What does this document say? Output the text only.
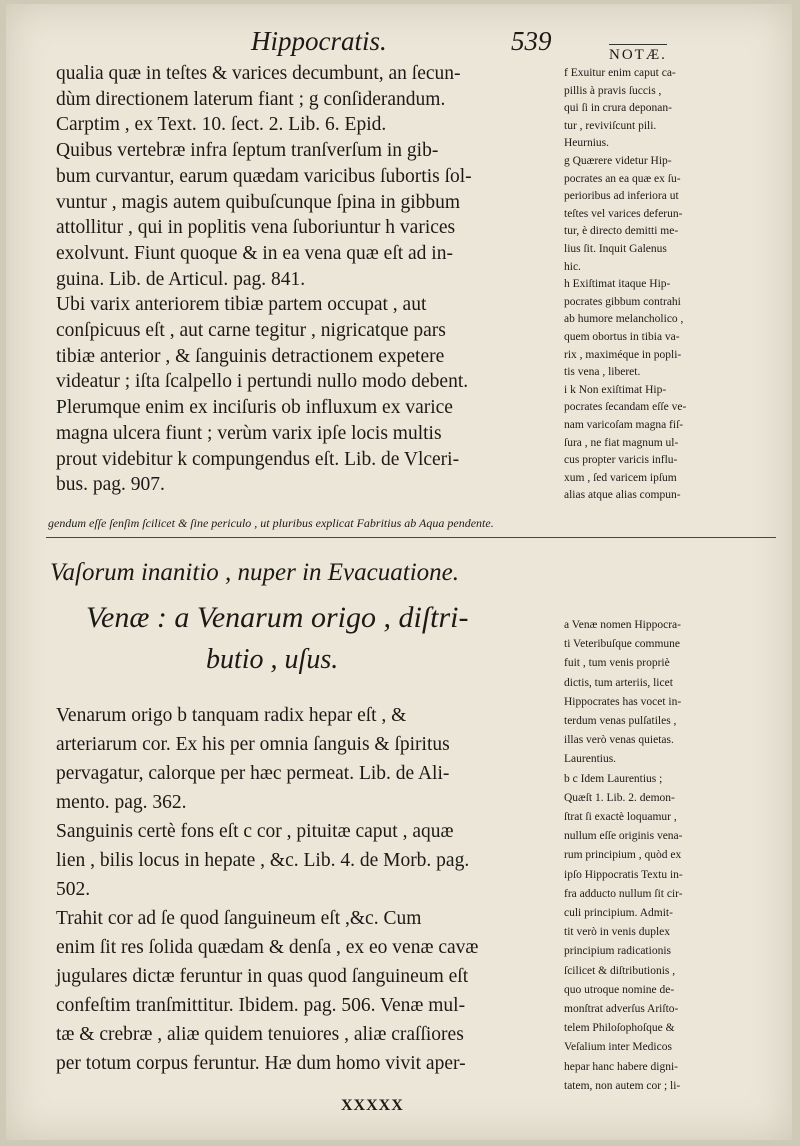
Hippocratis.	539	NOTÆ.
qualia quæ in teſtes & varices decumbunt, an ſecun-
dùm directionem laterum fiant ; g conſiderandum.
Carptim , ex Text. 10. ſect. 2. Lib. 6. Epid.
Quibus vertebræ infra ſeptum tranſverſum in gib-
bum curvantur, earum quædam varicibus ſubortis ſol-
vuntur , magis autem quibuſcunque ſpina in gibbum
attollitur , qui in poplitis vena ſuboriuntur h varices
exolvunt. Fiunt quoque & in ea vena quæ eſt ad in-
guina. Lib. de Articul. pag. 841.
Ubi varix anteriorem tibiæ partem occupat , aut
conſpicuus eſt , aut carne tegitur , nigricatque pars
tibiæ anterior , & ſanguinis detractionem expetere
videatur ; iſta ſcalpello i pertundi nullo modo debent.
Plerumque enim ex inciſuris ob influxum ex varice
magna ulcera fiunt ; verùm varix ipſe locis multis
prout videbitur k compungendus eſt. Lib. de Vlceri-
bus. pag. 907.
f Exuitur enim caput ca-
pillis à pravis ſuccis ,
qui ſi in crura deponan-
tur , reviviſcunt pili.
Heurnius.
g Quærere videtur Hip-
pocrates an ea quæ ex ſu-
perioribus ad inferiora ut
teſtes vel varices deferun-
tur, è directo demitti me-
lius ſit. Inquit Galenus
hic.
h Exiſtimat itaque Hip-
pocrates gibbum contrahi
ab humore melancholico ,
quem obortus in tibia va-
rix , maximéque in popli-
tis vena , liberet.
i k Non exiſtimat Hip-
pocrates ſecandam eſſe ve-
nam varicoſam magna fiſ-
ſura , ne fiat magnum ul-
cus propter varicis influ-
xum , ſed varicem ipſum
alias atque alias compun-
gendum eſſe ſenſim ſcilicet & ſine periculo , ut pluribus explicat Fabritius ab Aqua pendente.
Vaſorum inanitio , nuper in Evacuatione.
Venæ : a Venarum origo , diſtri-
butio , uſus.
Venarum origo b tanquam radix hepar eſt , &
arteriarum cor. Ex his per omnia ſanguis & ſpiritus
pervagatur, calorque per hæc permeat. Lib. de Ali-
mento. pag. 362.
Sanguinis certè fons eſt c cor , pituitæ caput , aquæ
lien , bilis locus in hepate , &c. Lib. 4. de Morb. pag.
502.
Trahit cor ad ſe quod ſanguineum eſt ,&c. Cum
enim ſit res ſolida quædam & denſa , ex eo venæ cavæ
jugulares dictæ feruntur in quas quod ſanguineum eſt
confeſtim tranſmittitur. Ibidem. pag. 506. Venæ mul-
tæ & crebræ , aliæ quidem tenuiores , aliæ craſſiores
per totum corpus feruntur. Hæ dum homo vivit aper-
a Venæ nomen Hippocra-
ti Veteribuſque commune
fuit , tum venis propriè
dictis, tum arteriis, licet
Hippocrates has vocet in-
terdum venas pulſatiles ,
illas verò venas quietas.
Laurentius.
b c Idem Laurentius ;
Quæſt 1. Lib. 2. demon-
ſtrat ſi exactè loquamur ,
nullum eſſe originis vena-
rum principium , quòd ex
ipſo Hippocratis Textu in-
fra adducto nullum ſit cir-
culi principium. Admit-
tit verò in venis duplex
principium radicationis
ſcilicet & diſtributionis ,
quo utroque nomine de-
monſtrat adverſus Ariſto-
telem Philoſophoſque &
Veſalium inter Medicos
hepar hanc habere digni-
tatem, non autem cor ; li-
XXXXX
